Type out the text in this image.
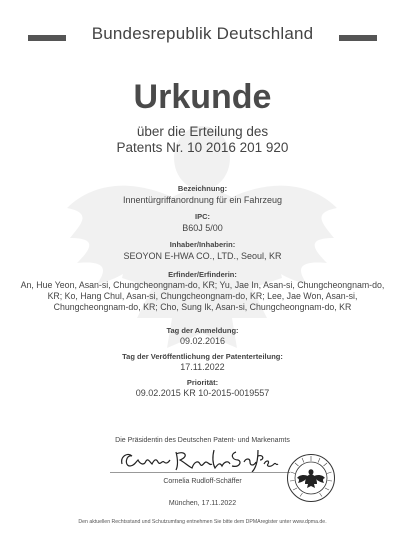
Bundesrepublik Deutschland
Urkunde
über die Erteilung des
Patents Nr. 10 2016 201 920
Bezeichnung:
Innentürgriffanordnung für ein Fahrzeug
IPC:
B60J 5/00
Inhaber/Inhaberin:
SEOYON E-HWA CO., LTD., Seoul, KR
Erfinder/Erfinderin:
An, Hue Yeon, Asan-si, Chungcheongnam-do, KR; Yu, Jae In, Asan-si, Chungcheongnam-do,
KR; Ko, Hang Chul, Asan-si, Chungcheongnam-do, KR; Lee, Jae Won, Asan-si,
Chungcheongnam-do, KR; Cho, Sung Ik, Asan-si, Chungcheongnam-do, KR
Tag der Anmeldung:
09.02.2016
Tag der Veröffentlichung der Patenterteilung:
17.11.2022
Priorität:
09.02.2015 KR 10-2015-0019557
Die Präsidentin des Deutschen Patent- und Markenamts
Cornelia Rudloff-Schäffer
München, 17.11.2022
Den aktuellen Rechtsstand und Schutzumfang entnehmen Sie bitte dem DPMAregister unter www.dpma.de.
